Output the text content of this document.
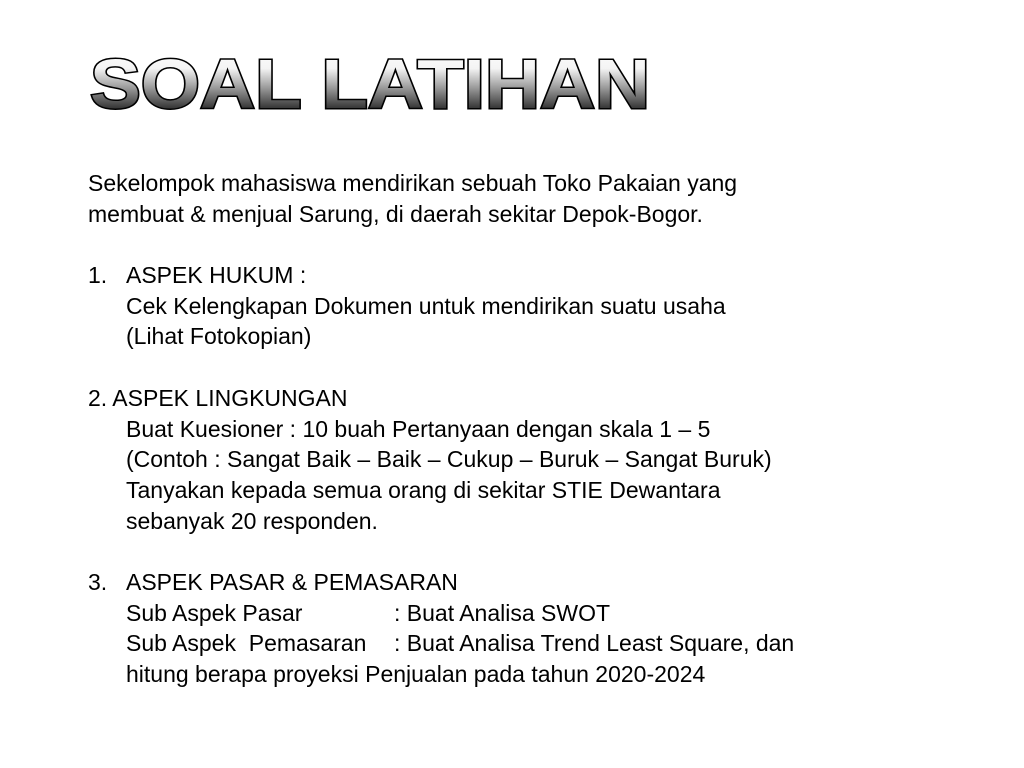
SOAL LATIHAN
Sekelompok mahasiswa mendirikan sebuah Toko Pakaian yang
membuat & menjual Sarung, di daerah sekitar Depok-Bogor.
1. ASPEK HUKUM :
Cek Kelengkapan Dokumen untuk mendirikan suatu usaha
(Lihat Fotokopian)
2. ASPEK LINGKUNGAN
Buat Kuesioner : 10 buah Pertanyaan dengan skala 1 – 5
(Contoh : Sangat Baik – Baik – Cukup – Buruk – Sangat Buruk)
Tanyakan kepada semua orang di sekitar STIE Dewantara
sebanyak 20 responden.
3. ASPEK PASAR & PEMASARAN
Sub Aspek Pasar	: Buat Analisa SWOT
Sub Aspek  Pemasaran : Buat Analisa Trend Least Square, dan
hitung berapa proyeksi Penjualan pada tahun 2020-2024
